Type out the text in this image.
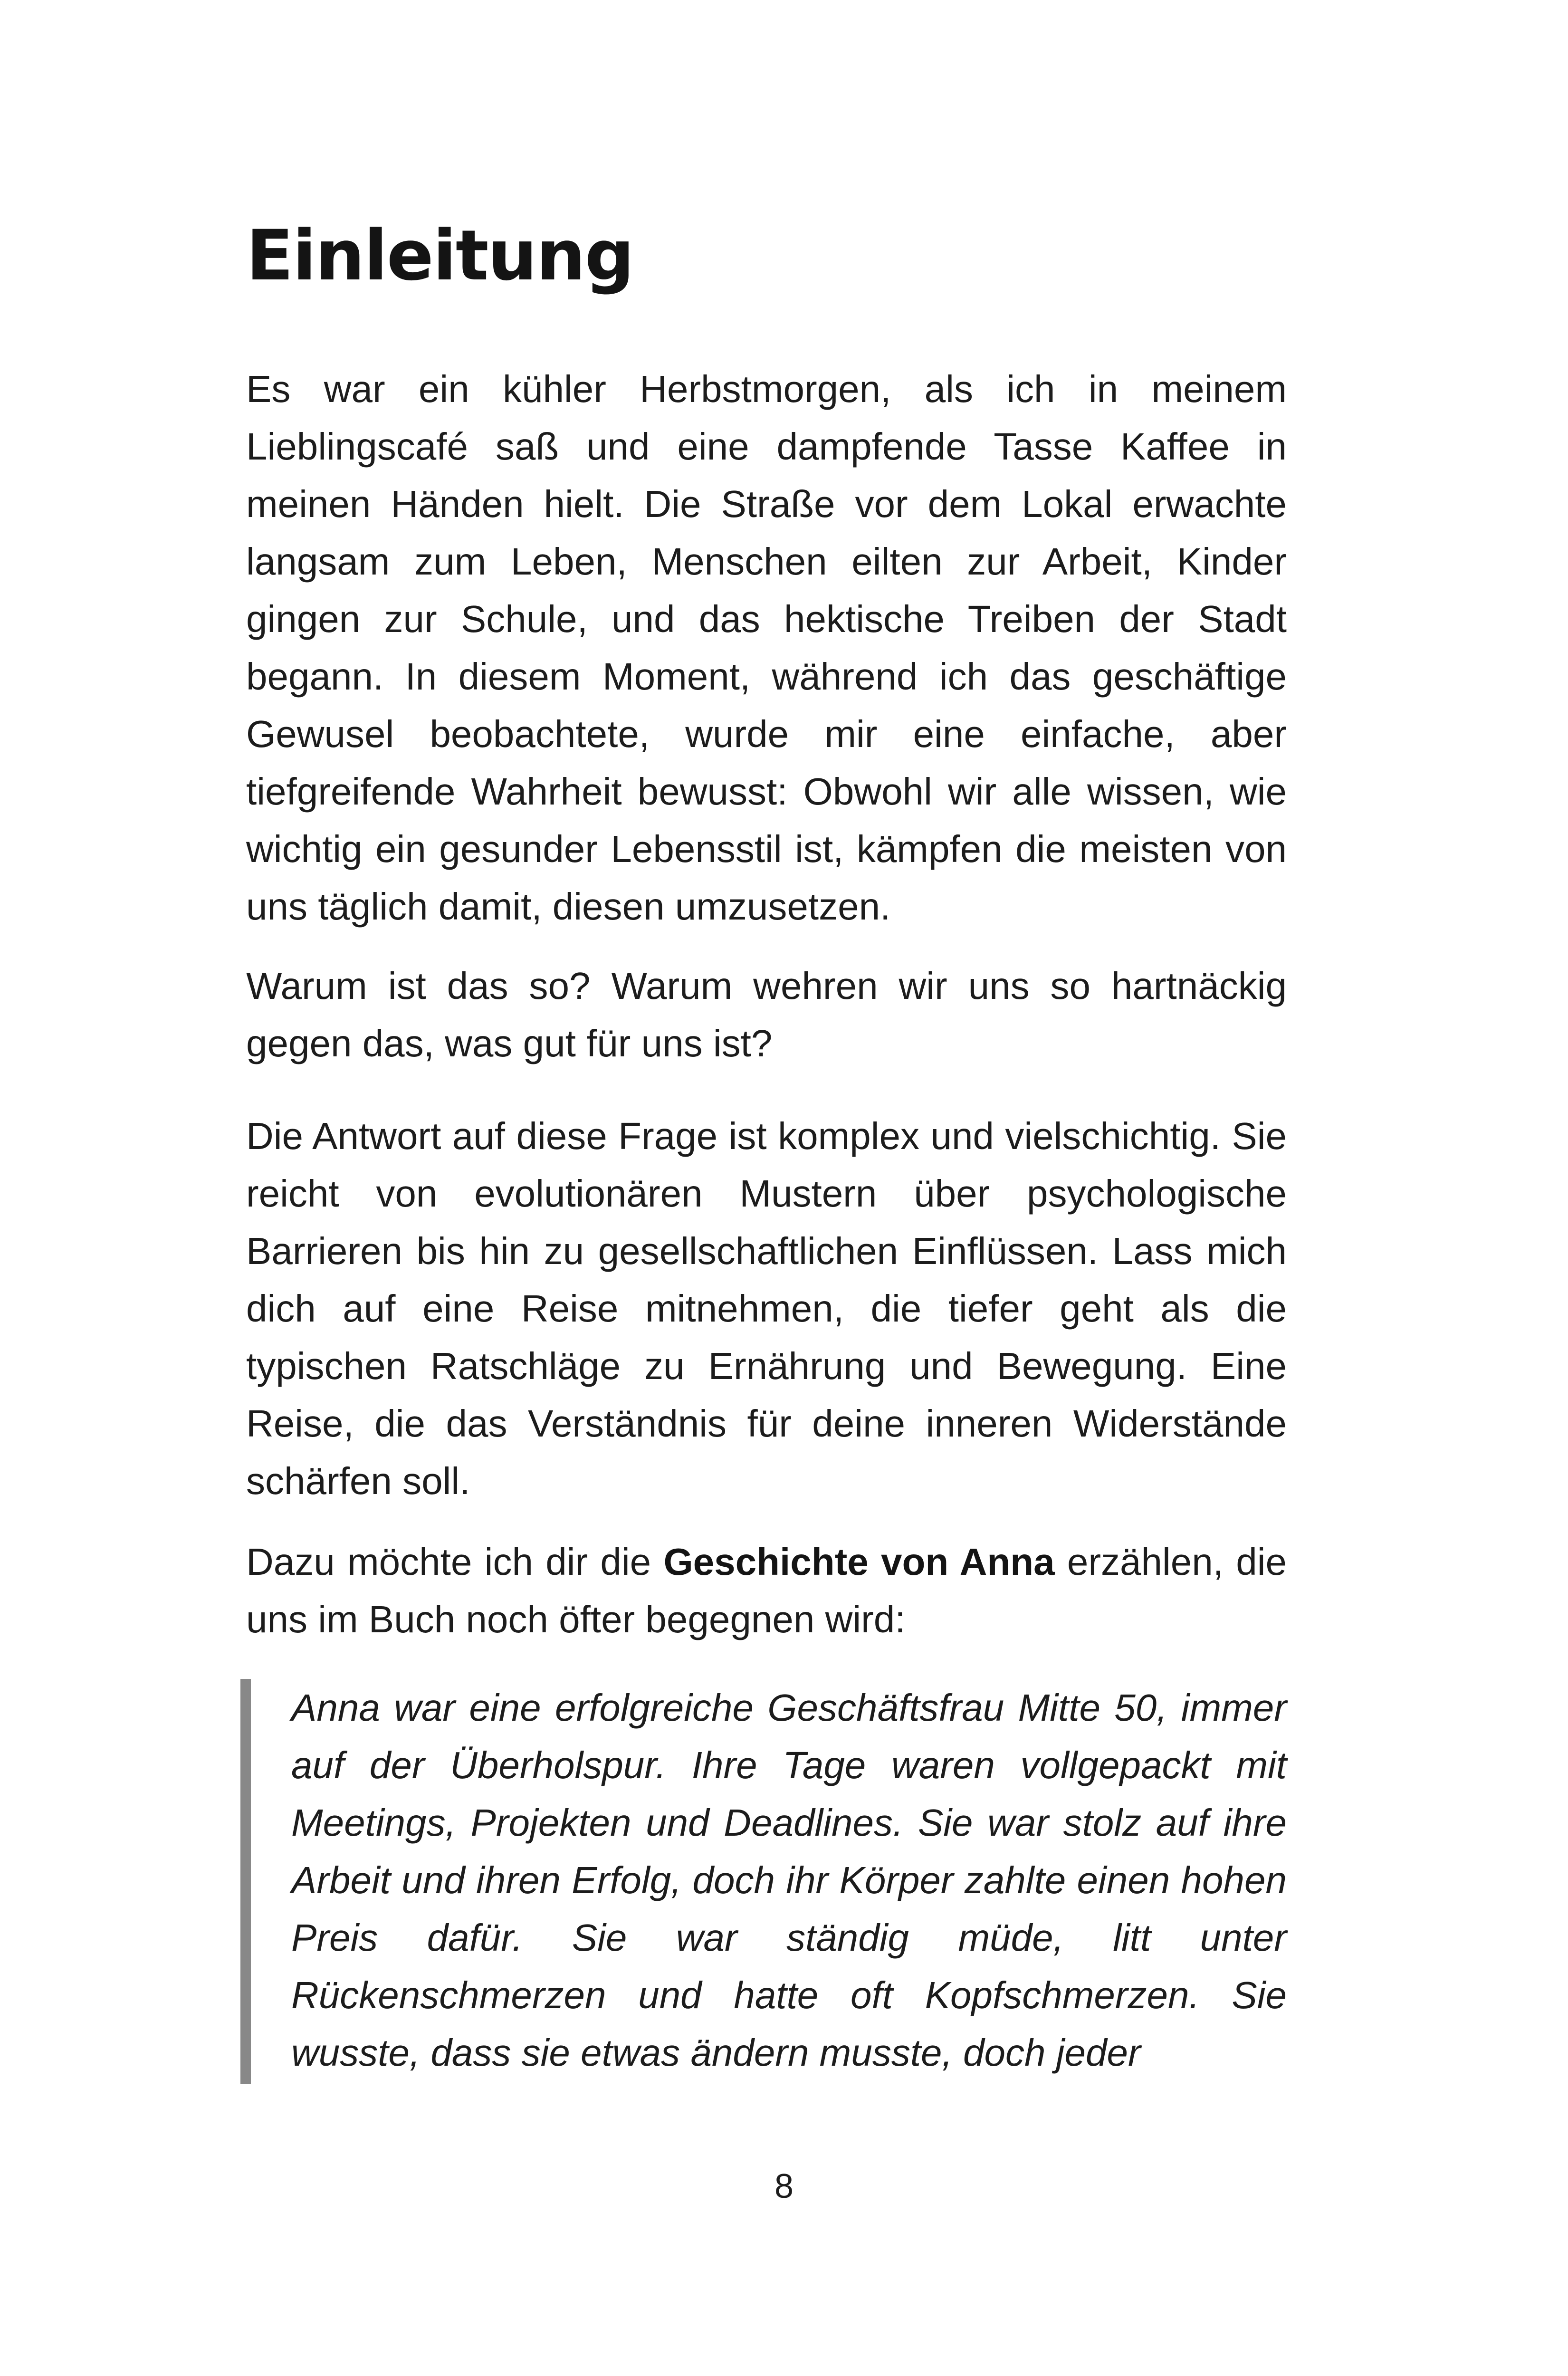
Einleitung

Es war ein kühler Herbstmorgen, als ich in meinem Lieblingscafé saß und eine dampfende Tasse Kaffee in meinen Händen hielt. Die Straße vor dem Lokal erwachte langsam zum Leben, Menschen eilten zur Arbeit, Kinder gingen zur Schule, und das hektische Treiben der Stadt begann. In diesem Moment, während ich das geschäftige Gewusel beobachtete, wurde mir eine einfache, aber tiefgreifende Wahrheit bewusst: Obwohl wir alle wissen, wie wichtig ein gesunder Lebensstil ist, kämpfen die meisten von uns täglich damit, diesen umzusetzen.

Warum ist das so? Warum wehren wir uns so hartnäckig gegen das, was gut für uns ist?

Die Antwort auf diese Frage ist komplex und vielschichtig. Sie reicht von evolutionären Mustern über psychologische Barrieren bis hin zu gesellschaftlichen Einflüssen. Lass mich dich auf eine Reise mitnehmen, die tiefer geht als die typischen Ratschläge zu Ernährung und Bewegung. Eine Reise, die das Verständnis für deine inneren Widerstände schärfen soll.

Dazu möchte ich dir die Geschichte von Anna erzählen, die uns im Buch noch öfter begegnen wird:

Anna war eine erfolgreiche Geschäftsfrau Mitte 50, immer auf der Überholspur. Ihre Tage waren vollgepackt mit Meetings, Projekten und Deadlines. Sie war stolz auf ihre Arbeit und ihren Erfolg, doch ihr Körper zahlte einen hohen Preis dafür. Sie war ständig müde, litt unter Rückenschmerzen und hatte oft Kopfschmerzen. Sie wusste, dass sie etwas ändern musste, doch jeder

8
